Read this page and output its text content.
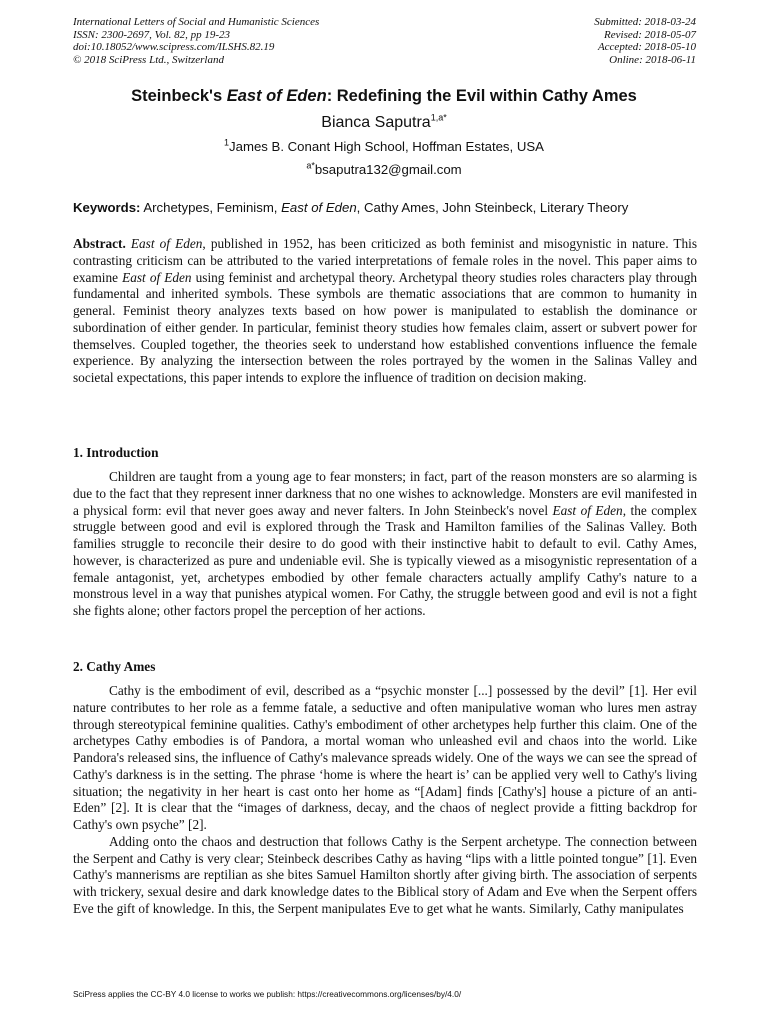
International Letters of Social and Humanistic Sciences
ISSN: 2300-2697, Vol. 82, pp 19-23
doi:10.18052/www.scipress.com/ILSHS.82.19
© 2018 SciPress Ltd., Switzerland
Submitted: 2018-03-24
Revised: 2018-05-07
Accepted: 2018-05-10
Online: 2018-06-11
Steinbeck's East of Eden: Redefining the Evil within Cathy Ames
Bianca Saputra$^{1,a*}$
$^1$James B. Conant High School, Hoffman Estates, USA
$^{a*}$bsaputra132@gmail.com
Keywords: Archetypes, Feminism, East of Eden, Cathy Ames, John Steinbeck, Literary Theory

Abstract. East of Eden, published in 1952, has been criticized as both feminist and misogynistic in nature. This contrasting criticism can be attributed to the varied interpretations of female roles in the novel. This paper aims to examine East of Eden using feminist and archetypal theory. Archetypal theory studies roles characters play through fundamental and inherited symbols. These symbols are thematic associations that are common to humanity in general. Feminist theory analyzes texts based on how power is manipulated to establish the dominance or subordination of either gender. In particular, feminist theory studies how females claim, assert or subvert power for themselves. Coupled together, the theories seek to understand how established conventions influence the female experience. By analyzing the intersection between the roles portrayed by the women in the Salinas Valley and societal expectations, this paper intends to explore the influence of tradition on decision making.

1. Introduction

Children are taught from a young age to fear monsters; in fact, part of the reason monsters are so alarming is due to the fact that they represent inner darkness that no one wishes to acknowledge. Monsters are evil manifested in a physical form: evil that never goes away and never falters. In John Steinbeck's novel East of Eden, the complex struggle between good and evil is explored through the Trask and Hamilton families of the Salinas Valley. Both families struggle to reconcile their desire to do good with their instinctive habit to default to evil. Cathy Ames, however, is characterized as pure and undeniable evil. She is typically viewed as a misogynistic representation of a female antagonist, yet, archetypes embodied by other female characters actually amplify Cathy's nature to a monstrous level in a way that punishes atypical women. For Cathy, the struggle between good and evil is not a fight she fights alone; other factors propel the perception of her actions.

2. Cathy Ames

Cathy is the embodiment of evil, described as a “psychic monster [...] possessed by the devil” [1]. Her evil nature contributes to her role as a femme fatale, a seductive and often manipulative woman who lures men astray through stereotypical feminine qualities. Cathy's embodiment of other archetypes help further this claim. One of the archetypes Cathy embodies is of Pandora, a mortal woman who unleashed evil and chaos into the world. Like Pandora's released sins, the influence of Cathy's malevance spreads widely. One of the ways we can see the spread of Cathy's darkness is in the setting. The phrase ‘home is where the heart is’ can be applied very well to Cathy's living situation; the negativity in her heart is cast onto her home as “[Adam] finds [Cathy's] house a picture of an anti-Eden” [2]. It is clear that the “images of darkness, decay, and the chaos of neglect provide a fitting backdrop for Cathy's own psyche” [2].

Adding onto the chaos and destruction that follows Cathy is the Serpent archetype. The connection between the Serpent and Cathy is very clear; Steinbeck describes Cathy as having “lips with a little pointed tongue” [1]. Even Cathy's mannerisms are reptilian as she bites Samuel Hamilton shortly after giving birth. The association of serpents with trickery, sexual desire and dark knowledge dates to the Biblical story of Adam and Eve when the Serpent offers Eve the gift of knowledge. In this, the Serpent manipulates Eve to get what he wants. Similarly, Cathy manipulates

SciPress applies the CC-BY 4.0 license to works we publish: https://creativecommons.org/licenses/by/4.0/
